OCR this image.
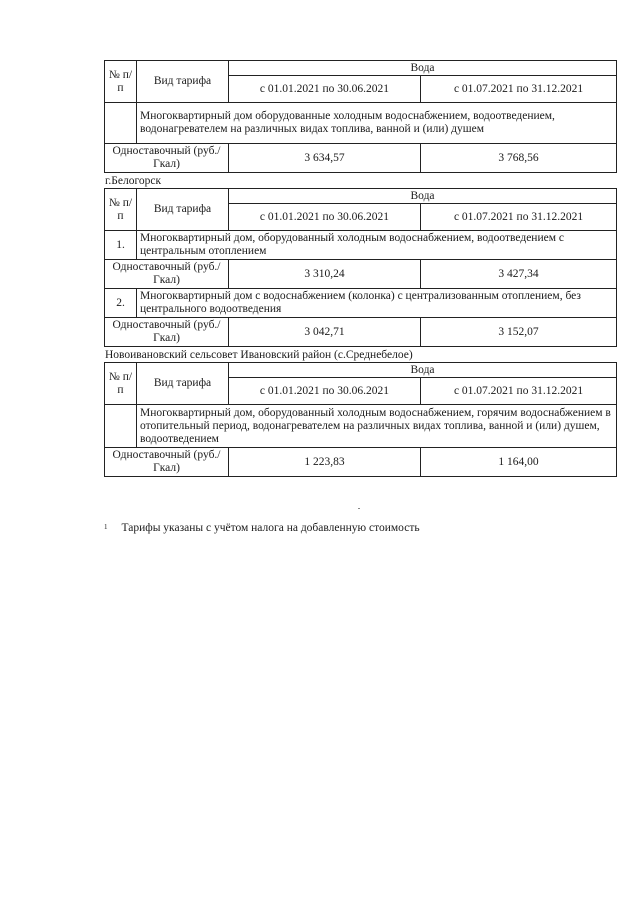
№ п/п	Вид тарифа	Вода	
		с 01.01.2021 по 30.06.2021	с 01.07.2021 по 31.12.2021
	Многоквартирный дом оборудованные холодным водоснабжением, водоотведением, водонагревателем на различных видах топлива, ванной и (или) душем		
Одноставочный (руб./Гкал)		3 634,57	3 768,56
г.Белогорск
№ п/п	Вид тарифа	Вода	
		с 01.01.2021 по 30.06.2021	с 01.07.2021 по 31.12.2021
1.	Многоквартирный дом, оборудованный холодным водоснабжением, водоотведением с центральным отоплением		
Одноставочный (руб./Гкал)		3 310,24	3 427,34
2.	Многоквартирный дом с водоснабжением (колонка) с централизованным отоплением, без центрального водоотведения		
Одноставочный (руб./Гкал)		3 042,71	3 152,07
Новоивановский сельсовет Ивановский район (с.Среднебелое)
№ п/п	Вид тарифа	Вода	
		с 01.01.2021 по 30.06.2021	с 01.07.2021 по 31.12.2021
	Многоквартирный дом, оборудованный холодным водоснабжением, горячим водоснабжением в отопительный период, водонагревателем на различных видах топлива, ванной и (или) душем, водоотведением		
Одноставочный (руб./Гкал)		1 223,83	1 164,00
$^1$ Тарифы указаны с учётом налога на добавленную стоимость
